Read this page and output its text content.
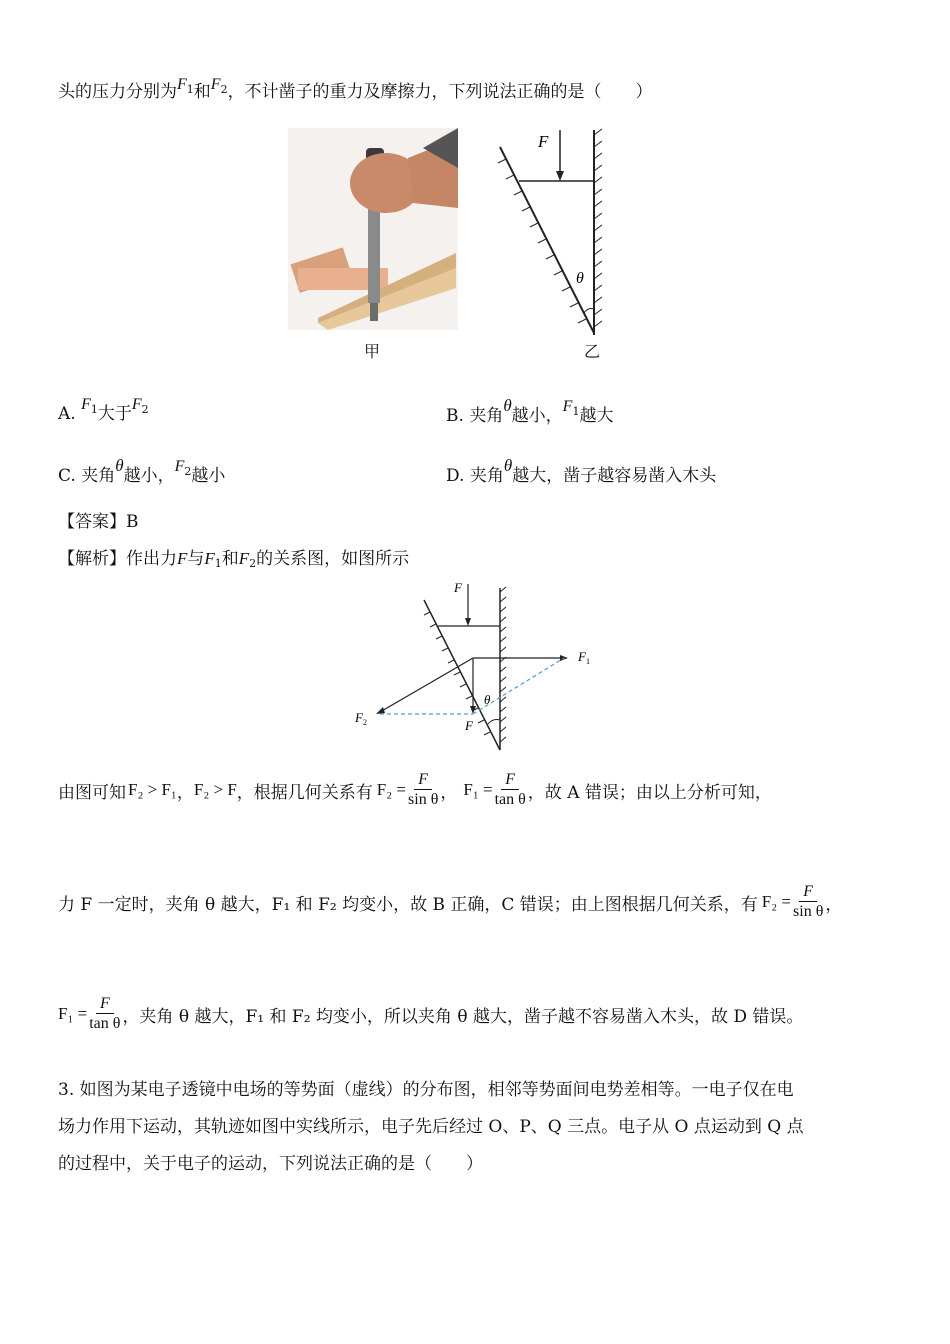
头的压力分别为$F^1$和$F^2$，不计凿子的重力及摩擦力，下列说法正确的是（　　）
甲
F
θ
乙
A. $F^1$大于$F^2$	B. 夹角θ越小，$F^1$越大
C. 夹角θ越小，$F^2$越小	D. 夹角θ越大，凿子越容易凿入木头
【答案】B
【解析】作出力F与$F_1$和$F_2$的关系图，如图所示
F
$F_1$
$F_2$	F
θ
由图可知 F₂ > F₁ ， F₂ > F ，根据几何关系有 $F_2 = \frac{F}{\text{sin θ}}$ ， $F_1 = \frac{F}{\text{tan θ}}$ ，故 A 错误；由以上分析可知，
力 F 一定时，夹角 θ 越大，F₁ 和 F₂ 均变小，故 B 正确，C 错误；由上图根据几何关系，有 $F_2 = \frac{F}{\text{sin θ}}$ ，
$F_1 = \frac{F}{\text{tan θ}}$ ，夹角 θ 越大，F₁ 和 F₂ 均变小，所以夹角 θ 越大，凿子越不容易凿入木头，故 D 错误。
3. 如图为某电子透镜中电场的等势面（虚线）的分布图，相邻等势面间电势差相等。一电子仅在电
场力作用下运动，其轨迹如图中实线所示，电子先后经过 O、P、Q 三点。电子从 O 点运动到 Q 点
的过程中，关于电子的运动，下列说法正确的是（　　）
